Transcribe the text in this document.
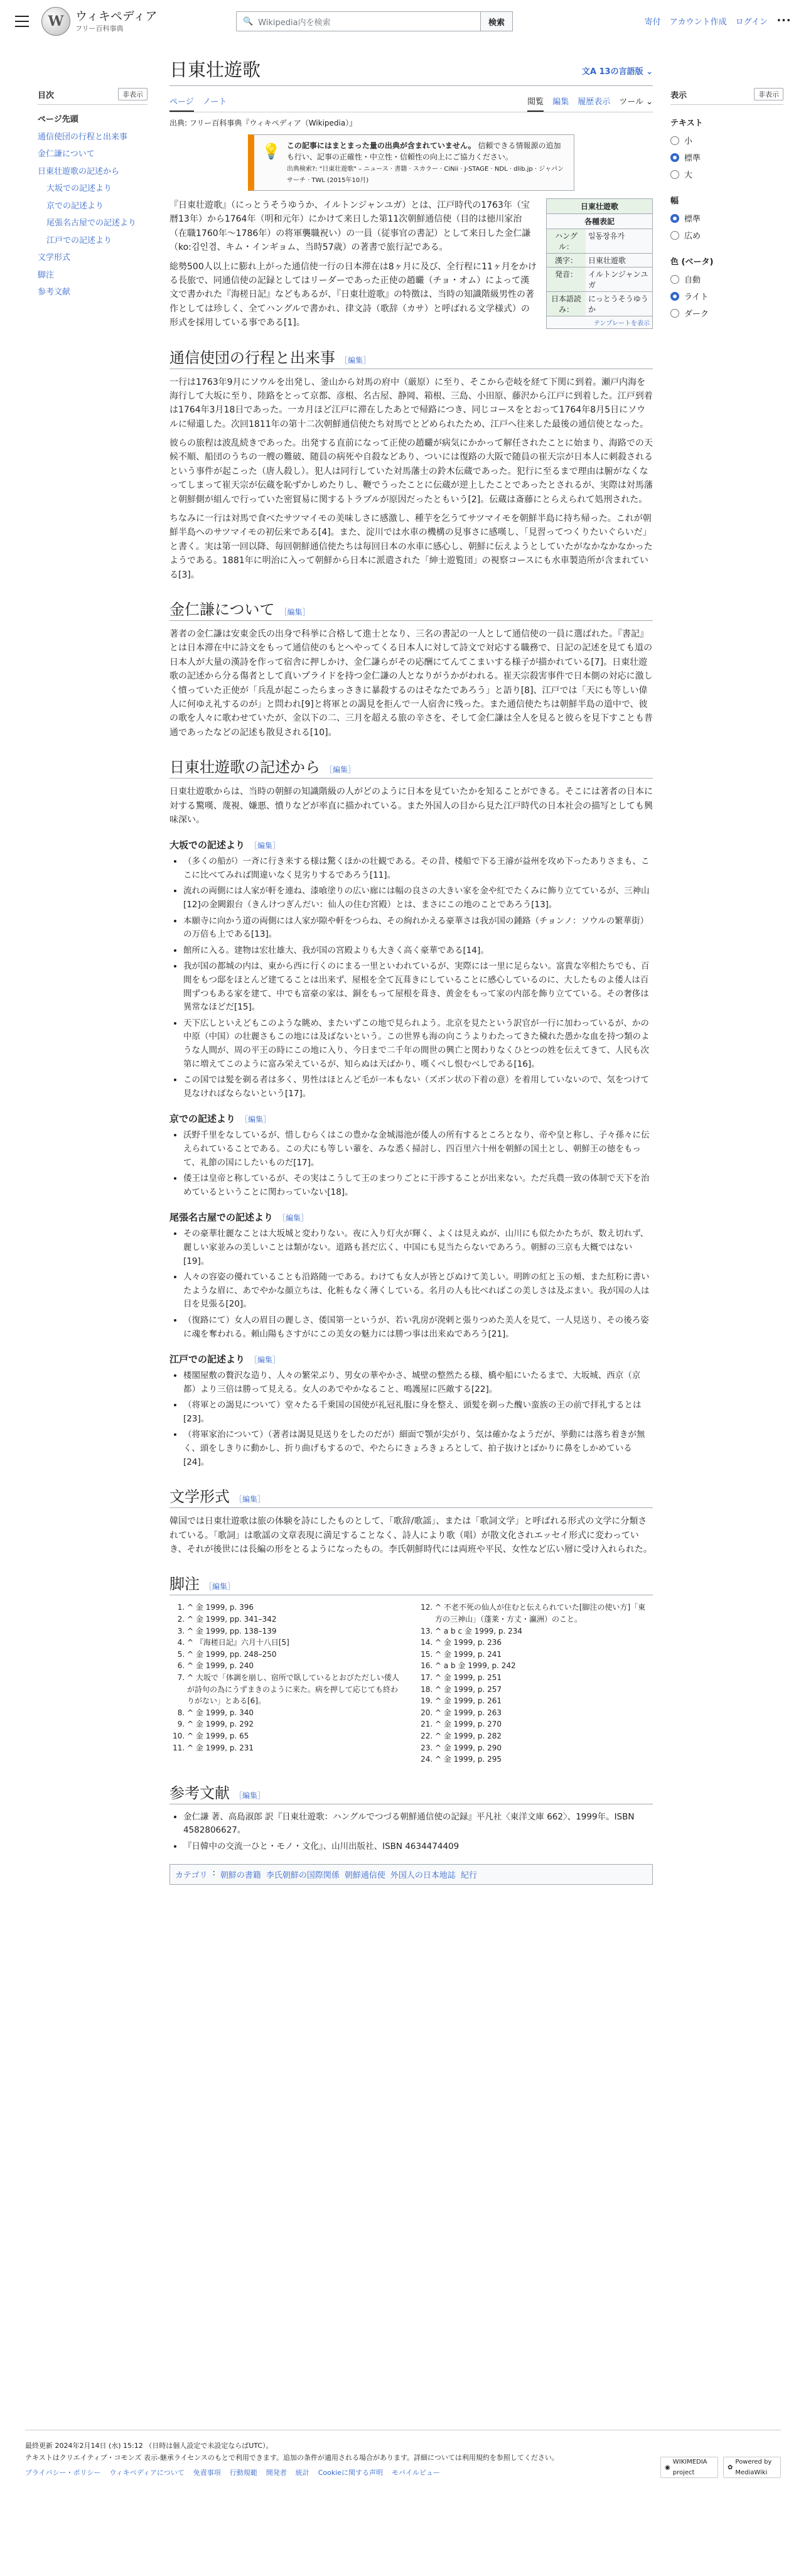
W ウィキペディア
フリー百科事典
🔍 Wikipedia内を検索	検索	寄付 アカウント作成 ログイン •••
目次	非表示
ページ先頭
通信使団の行程と出来事
金仁謙について
日東壮遊歌の記述から
大坂での記述より
京での記述より
尾張名古屋での記述より
江戸での記述より
文学形式
脚注
参考文献
表示	非表示
テキスト
小
標準
大
幅
標準
広め
色 (ベータ)
自動
ライト
ダーク
日東壮遊歌	文A 13の言語版 ⌄
ページ ノート	閲覧 編集 履歴表示 ツール ⌄
出典: フリー百科事典『ウィキペディア（Wikipedia）』
💡 この記事にはまとまった量の出典が含まれていません。 信頼できる情報源の追加も行い、記事の正確性・中立性・信頼性の向上にご協力ください。
出典検索?: "日東壮遊歌" – ニュース · 書籍 · スカラー · CiNii · J-STAGE · NDL · dlib.jp · ジャパンサーチ · TWL (2015年10月)
日東壮遊歌
各種表記
ハングル：
일동장유가
漢字：	日東壮遊歌
発音：	イルトンジャンユガ
日本語読み：
にっとうそうゆうか
テンプレートを表示

『日東壮遊歌』（にっとうそうゆうか、イルトンジャンユガ）とは、江戸時代の1763年（宝暦13年）から1764年（明和元年）にかけて来日した第11次朝鮮通信使（目的は徳川家治（在職1760年〜1786年）の将軍襲職祝い）の一員（従事官の書記）として来日した金仁謙（ko:김인겸、キム・インギョム、当時57歳）の著書で旅行記である。

総勢500人以上に膨れ上がった通信使一行の日本滞在は8ヶ月に及び、全行程に11ヶ月をかける長旅で、同通信使の記録としてはリーダーであった正使の趙曮（チョ・オム）によって漢文で書かれた『海槎日記』などもあるが、『日東壮遊歌』の特徴は、当時の知識階級男性の著作としては珍しく、全てハングルで書かれ、律文詩（歌辞（カサ）と呼ばれる文学様式）の形式を採用している事である[1]。

通信使団の行程と出来事 ［編集］

一行は1763年9月にソウルを出発し、釜山から対馬の府中（厳原）に至り、そこから壱岐を経て下関に到着。瀬戸内海を海行して大坂に至り、陸路をとって京都、彦根、名古屋、静岡、箱根、三島、小田原、藤沢から江戸に到着した。江戸到着は1764年3月18日であった。一カ月ほど江戸に滞在したあとで帰路につき、同じコースをとおって1764年8月5日にソウルに帰還した。次回1811年の第十二次朝鮮通信使たち対馬でとどめられたため、江戸へ往来した最後の通信使となった。

彼らの旅程は波乱続きであった。出発する直前になって正使の趙曮が病気にかかって解任されたことに始まり、海路での天候不順、船団のうちの一艘の難破、随員の病死や自殺などあり、ついには復路の大阪で随員の崔天宗が日本人に刺殺されるという事件が起こった（唐人殺し）。犯人は同行していた対馬藩士の鈴木伝蔵であった。犯行に至るまで理由は腑がなくなってしまって崔天宗が伝蔵を恥ずかしめたりし、鞭でうったことに伝蔵が逆上したことであったとされるが、実際は対馬藩と朝鮮側が組んで行っていた密貿易に関するトラブルが原因だったともいう[2]。伝蔵は斎藤にとらえられて処刑された。

ちなみに一行は対馬で食べたサツマイモの美味しさに感激し、種芋を乞うてサツマイモを朝鮮半島に持ち帰った。これが朝鮮半島へのサツマイモの初伝来である[4]。また、淀川では水車の機構の見事さに感嘆し、「見習ってつくりたいぐらいだ」と書く。実は第一回以降、毎回朝鮮通信使たちは毎回日本の水車に感心し、朝鮮に伝えようとしていたがなかなかなかったようである。1881年に明治に入って朝鮮から日本に派遣された「紳士遊覧団」の視察コースにも水車製造所が含まれている[3]。

金仁謙について ［編集］

著者の金仁謙は安東金氏の出身で科挙に合格して進士となり、三名の書記の一人として通信使の一員に選ばれた。『書記』とは日本滞在中に詩文をもって通信使のもとへやってくる日本人に対して詩文で対応する職務で、日記の記述を見ても道の日本人が大量の漢詩を作って宿舎に押しかけ、金仁謙らがその応酬にてんてこまいする様子が描かれている[7]。日東壮遊歌の記述から分る傷者として真いプライドを持つ金仁謙の人となりがうかがわれる。崔天宗殺害事件で日本側の対応に激しく憤っていた正使が「兵乱が起こったらまっさきに暴殺するのはそなたであろう」と語り[8]、江戸では「天にも等しい偉人に何ゆえ礼するのが」と問われ[9]と将軍との謁見を拒んで一人宿舎に残った。また通信使たちは朝鮮半島の道中で、彼の歌を人々に歌わせていたが、金以下の二、三月を超える旅の辛さを、そして金仁謙は全人を見ると彼らを見下すことも普通であったなどの記述も散見される[10]。

日東壮遊歌の記述から ［編集］

日東壮遊歌からは、当時の朝鮮の知識階級の人がどのように日本を見ていたかを知ることができる。そこには著者の日本に対する驚嘆、蔑視、嫌悪、憤りなどが率直に描かれている。また外国人の目から見た江戸時代の日本社会の描写としても興味深い。

大坂での記述より ［編集］
• （多くの船が）一斉に行き来する様は驚くほかの壮観である。その昔、楼船で下る王濬が益州を攻め下ったありさまも、ここに比べてみれば間違いなく見劣りするであろう[11]。
• 流れの両側には人家が軒を連ね、漆喰塗りの広い廊には幅の良さの大きい家を金や紅でたくみに飾り立てているが、三神山[12]の金闕銀台（きんけつぎんだい：仙人の住む宮殿）とは、まさにこの地のことであろう[13]。
• 本願寺に向かう道の両側には人家が隙や軒をつらね、その絢れかえる豪華さは我が国の鍾路（チョンノ：ソウルの繁華街）の万倍も上である[13]。
• 館所に入る。建物は宏壮雄大、我が国の宮殿よりも大きく高く豪華である[14]。
• 我が国の都城の内は、東から西に行くのにまる一里といわれているが、実際には一里に足らない。富貴な宰相たちでも、百間をもつ邸をほとんど建てることは出来ず、屋根を全て瓦葺きにしていることに感心しているのに、大したものよ倭人は百間ずつもある家を建て、中でも富豪の家は、銅をもって屋根を葺き、黄金をもって家の内部を飾り立てている。その奢侈は異常なほどだ[15]。
• 天下広しといえどもこのような眺め、またいずこの地で見られよう。北京を見たという訳官が一行に加わっているが、かの中原（中国）の壮麗さもこの地には及ばないという。この世界も海の向こうよりわたってきた穢れた愚かな血を持つ類のような人間が、周の平王の時にこの地に入り、今日まで二千年の間世の興亡と関わりなくひとつの姓を伝えてきて、人民も次第に増えてこのように富み栄えているが、知らぬは天ばかり、嘆くべし恨むべしである[16]。
• この国では髪を剃る者は多く、男性はほとんど毛が一本もない（ズボン状の下着の意）を着用していないので、気をつけて見なければならないという[17]。
京での記述より ［編集］
• 沃野千里をなしているが、惜しむらくはこの豊かな金城湯池が倭人の所有するところとなり、帝や皇と称し、子々孫々に伝えられていることである。この犬にも等しい輩を、みな悉く掃討し、四百里六十州を朝鮮の国土とし、朝鮮王の徳をもって、礼節の国にしたいものだ[17]。
• 倭王は皇帝と称しているが、その実はこうして王のまつりごとに干渉することが出来ない。ただ兵農一致の体制で天下を治めているということに関わっていない[18]。
尾張名古屋での記述より ［編集］
• その豪華壮麗なことは大坂城と変わりない。夜に入り灯火が輝く、よくは見えぬが、山川にも似たかたちが、数え切れず、麗しい家並みの美しいことは類がない。道路も甚だ広く、中国にも見当たらないであろう。朝鮮の三京も大概ではない[19]。
• 人々の容姿の優れていることも沿路随一である。わけても女人が皆とびぬけて美しい。明眸の紅と玉の頬、また紅粉に書いたような眉に、あでやかな顔立ちは、化粧もなく薄くしている。名月の人も比べればこの美しさは及ぶまい。我が国の人は目を見張る[20]。
• （復路にて）女人の眉目の麗しさ、倭国第一というが、若い乳房が溌剌と張りつめた美人を見て、一人見送り、その後ろ姿に魂を奪われる。頼山陽もさすがにこの美女の魅力には勝つ事は出来ぬであろう[21]。
江戸での記述より ［編集］
• 楼閣屋敷の贅沢な造り、人々の繁栄ぶり、男女の華やかさ、城壁の整然たる様、橋や船にいたるまで、大坂城、西京（京都）より三倍は勝って見える。女人のあでやかなること、鳴護屋に匹敵する[22]。
• （将軍との謁見について）堂々たる千乗国の国使が礼冠礼服に身を整え、頭髪を剃った醜い蛮族の王の前で拝礼するとは[23]。
• （将軍家治について）（著者は謁見見送りをしたのだが）細面で顎が尖がり、気は確かなようだが、挙動には落ち着きが無く、頭をしきりに動かし、折り曲げもするので、やたらにきょろきょろとして、拍子抜けとばかりに鼻をしかめている[24]。
文学形式 ［編集］

韓国では日東壮遊歌は旅の体験を詩にしたものとして、「歌辞/歌謡」、または「歌詞文学」と呼ばれる形式の文学に分類されている。「歌詞」は歌謡の文章表現に満足することなく、詩人により歌（唱）が散文化されエッセイ形式に変わっていき、それが後世には長編の形をとるようになったもの。李氏朝鮮時代には両班や平民、女性など広い層に受け入れられた。

脚注 ［編集］
1. ^ 金 1999, p. 396
2. ^ 金 1999, pp. 341–342
3. ^ 金 1999, pp. 138–139
4. ^ 『海槎日記』六月十八日[5]
5. ^ 金 1999, pp. 248–250
6. ^ 金 1999, p. 240
7. ^ 大坂で「体調を崩し、宿所で臥しているとおびただしい倭人が詩句の為にうずまきのように来た。病を押して応じても終わりがない」とある[6]。
8. ^ 金 1999, p. 340
9. ^ 金 1999, p. 292
10. ^ 金 1999, p. 65
11. ^ 金 1999, p. 231
12. ^ 不老不死の仙人が住むと伝えられていた[脚注の使い方]「東方の三神山」（蓬莱・方丈・瀛洲）のこと。
13. ^ a b c 金 1999, p. 234
14. ^ 金 1999, p. 236
15. ^ 金 1999, p. 241
16. ^ a b 金 1999, p. 242
17. ^ 金 1999, p. 251
18. ^ 金 1999, p. 257
19. ^ 金 1999, p. 261
20. ^ 金 1999, p. 263
21. ^ 金 1999, p. 270
22. ^ 金 1999, p. 282
23. ^ 金 1999, p. 290
24. ^ 金 1999, p. 295
参考文献 ［編集］
• 金仁謙 著、高島淑郎 訳『日東壮遊歌：ハングルでつづる朝鮮通信使の記録』平凡社〈東洋文庫 662〉、1999年。ISBN 4582806627。
• 『日韓中の交流一ひと・モノ・文化』、山川出版社、ISBN 4634474409
カテゴリ : 朝鮮の書籍 李氏朝鮮の国際関係 朝鮮通信使 外国人の日本地誌 紀行
最終更新 2024年2月14日 (水) 15:12 （日時は個人設定で未設定ならばUTC）。
テキストはクリエイティブ・コモンズ 表示-継承ライセンスのもとで利用できます。追加の条件が適用される場合があります。詳細については利用規約を参照してください。
プライバシー・ポリシー ウィキペディアについて 免責事項 行動規範 開発者 統計 Cookieに関する声明 モバイルビュー
◉
WIKIMEDIA project
✿
Powered by MediaWiki
